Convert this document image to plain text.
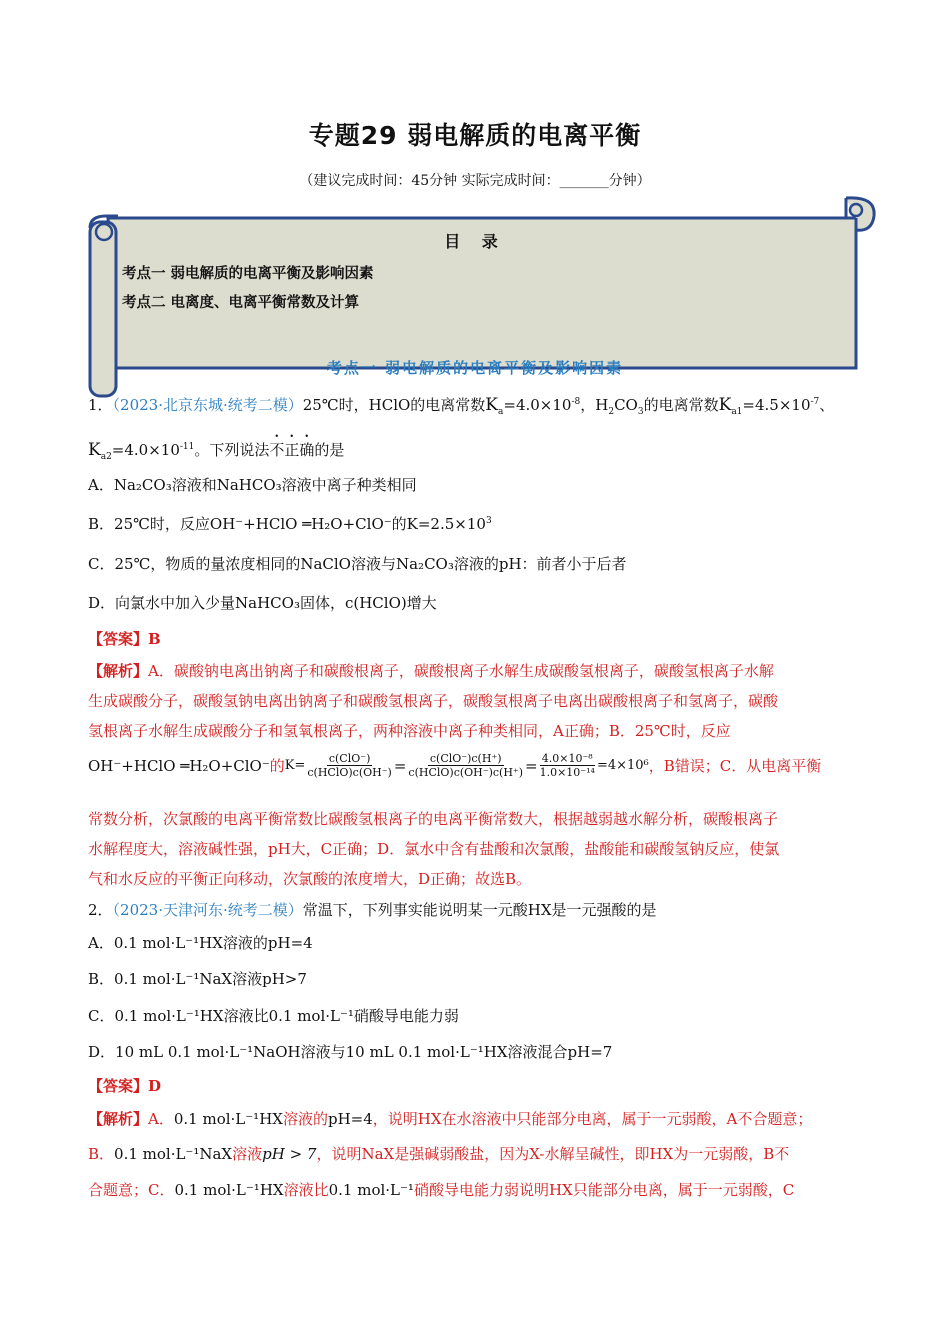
专题29 弱电解质的电离平衡
（建议完成时间：45分钟 实际完成时间：_______分钟）
目 录
考点一 弱电解质的电离平衡及影响因素
考点二 电离度、电离平衡常数及计算
考点一 弱电解质的电离平衡及影响因素
1．（2023·北京东城·统考二模）25℃时，HClO的电离常数$K_a=4.0\times 10^{-8}$，$H_2CO_3$的电离常数$K_{a1}=4.5\times 10^{-7}$、
$K_{a2}=4.0\times 10^{-11}$。下列说法不正确的是
A．Na₂CO₃溶液和NaHCO₃溶液中离子种类相同
B．25℃时，反应OH⁻+HClO ═H₂O+ClO⁻的$K=2.5\times 10^3$
C．25℃，物质的量浓度相同的NaClO溶液与Na₂CO₃溶液的pH：前者小于后者
D．向氯水中加入少量NaHCO₃固体，c(HClO)增大
【答案】B
【解析】A．碳酸钠电离出钠离子和碳酸根离子，碳酸根离子水解生成碳酸氢根离子，碳酸氢根离子水解
生成碳酸分子，碳酸氢钠电离出钠离子和碳酸氢根离子，碳酸氢根离子电离出碳酸根离子和氢离子，碳酸
氢根离子水解生成碳酸分子和氢氧根离子，两种溶液中离子种类相同，A正确；B．25℃时，反应
OH⁻+HClO ═H₂O+ClO⁻ 的 $K= \frac{\text{c(ClO⁻)}}{\text{c(HClO)c(OH⁻)}} = \frac{\text{c(ClO⁻)c(H⁺)}}{\text{c(HClO)c(OH⁻)c(H⁺)}} = \frac{\text{4.0×10⁻⁸}}{\text{1.0×10⁻¹⁴}} =4\times 10^6$ ，B错误；C．从电离平衡
常数分析，次氯酸的电离平衡常数比碳酸氢根离子的电离平衡常数大，根据越弱越水解分析，碳酸根离子
水解程度大，溶液碱性强，pH大，C正确；D．氯水中含有盐酸和次氯酸，盐酸能和碳酸氢钠反应，使氯
气和水反应的平衡正向移动，次氯酸的浓度增大，D正确；故选B。
2．（2023·天津河东·统考二模）常温下，下列事实能说明某一元酸HX是一元强酸的是
A．0.1 mol·L⁻¹HX溶液的pH=4
B．0.1 mol·L⁻¹NaX溶液pH>7
C．0.1 mol·L⁻¹HX溶液比0.1 mol·L⁻¹硝酸导电能力弱
D．10 mL 0.1 mol·L⁻¹NaOH溶液与10 mL 0.1 mol·L⁻¹HX溶液混合pH=7
【答案】D
【解析】A．0.1 mol·L⁻¹HX溶液的pH=4，说明HX在水溶液中只能部分电离，属于一元弱酸，A不合题意；
B．0.1 mol·L⁻¹NaX溶液pH > 7，说明NaX是强碱弱酸盐，因为X-水解呈碱性，即HX为一元弱酸，B不
合题意；C．0.1 mol·L⁻¹HX溶液比0.1 mol·L⁻¹硝酸导电能力弱说明HX只能部分电离，属于一元弱酸，C
